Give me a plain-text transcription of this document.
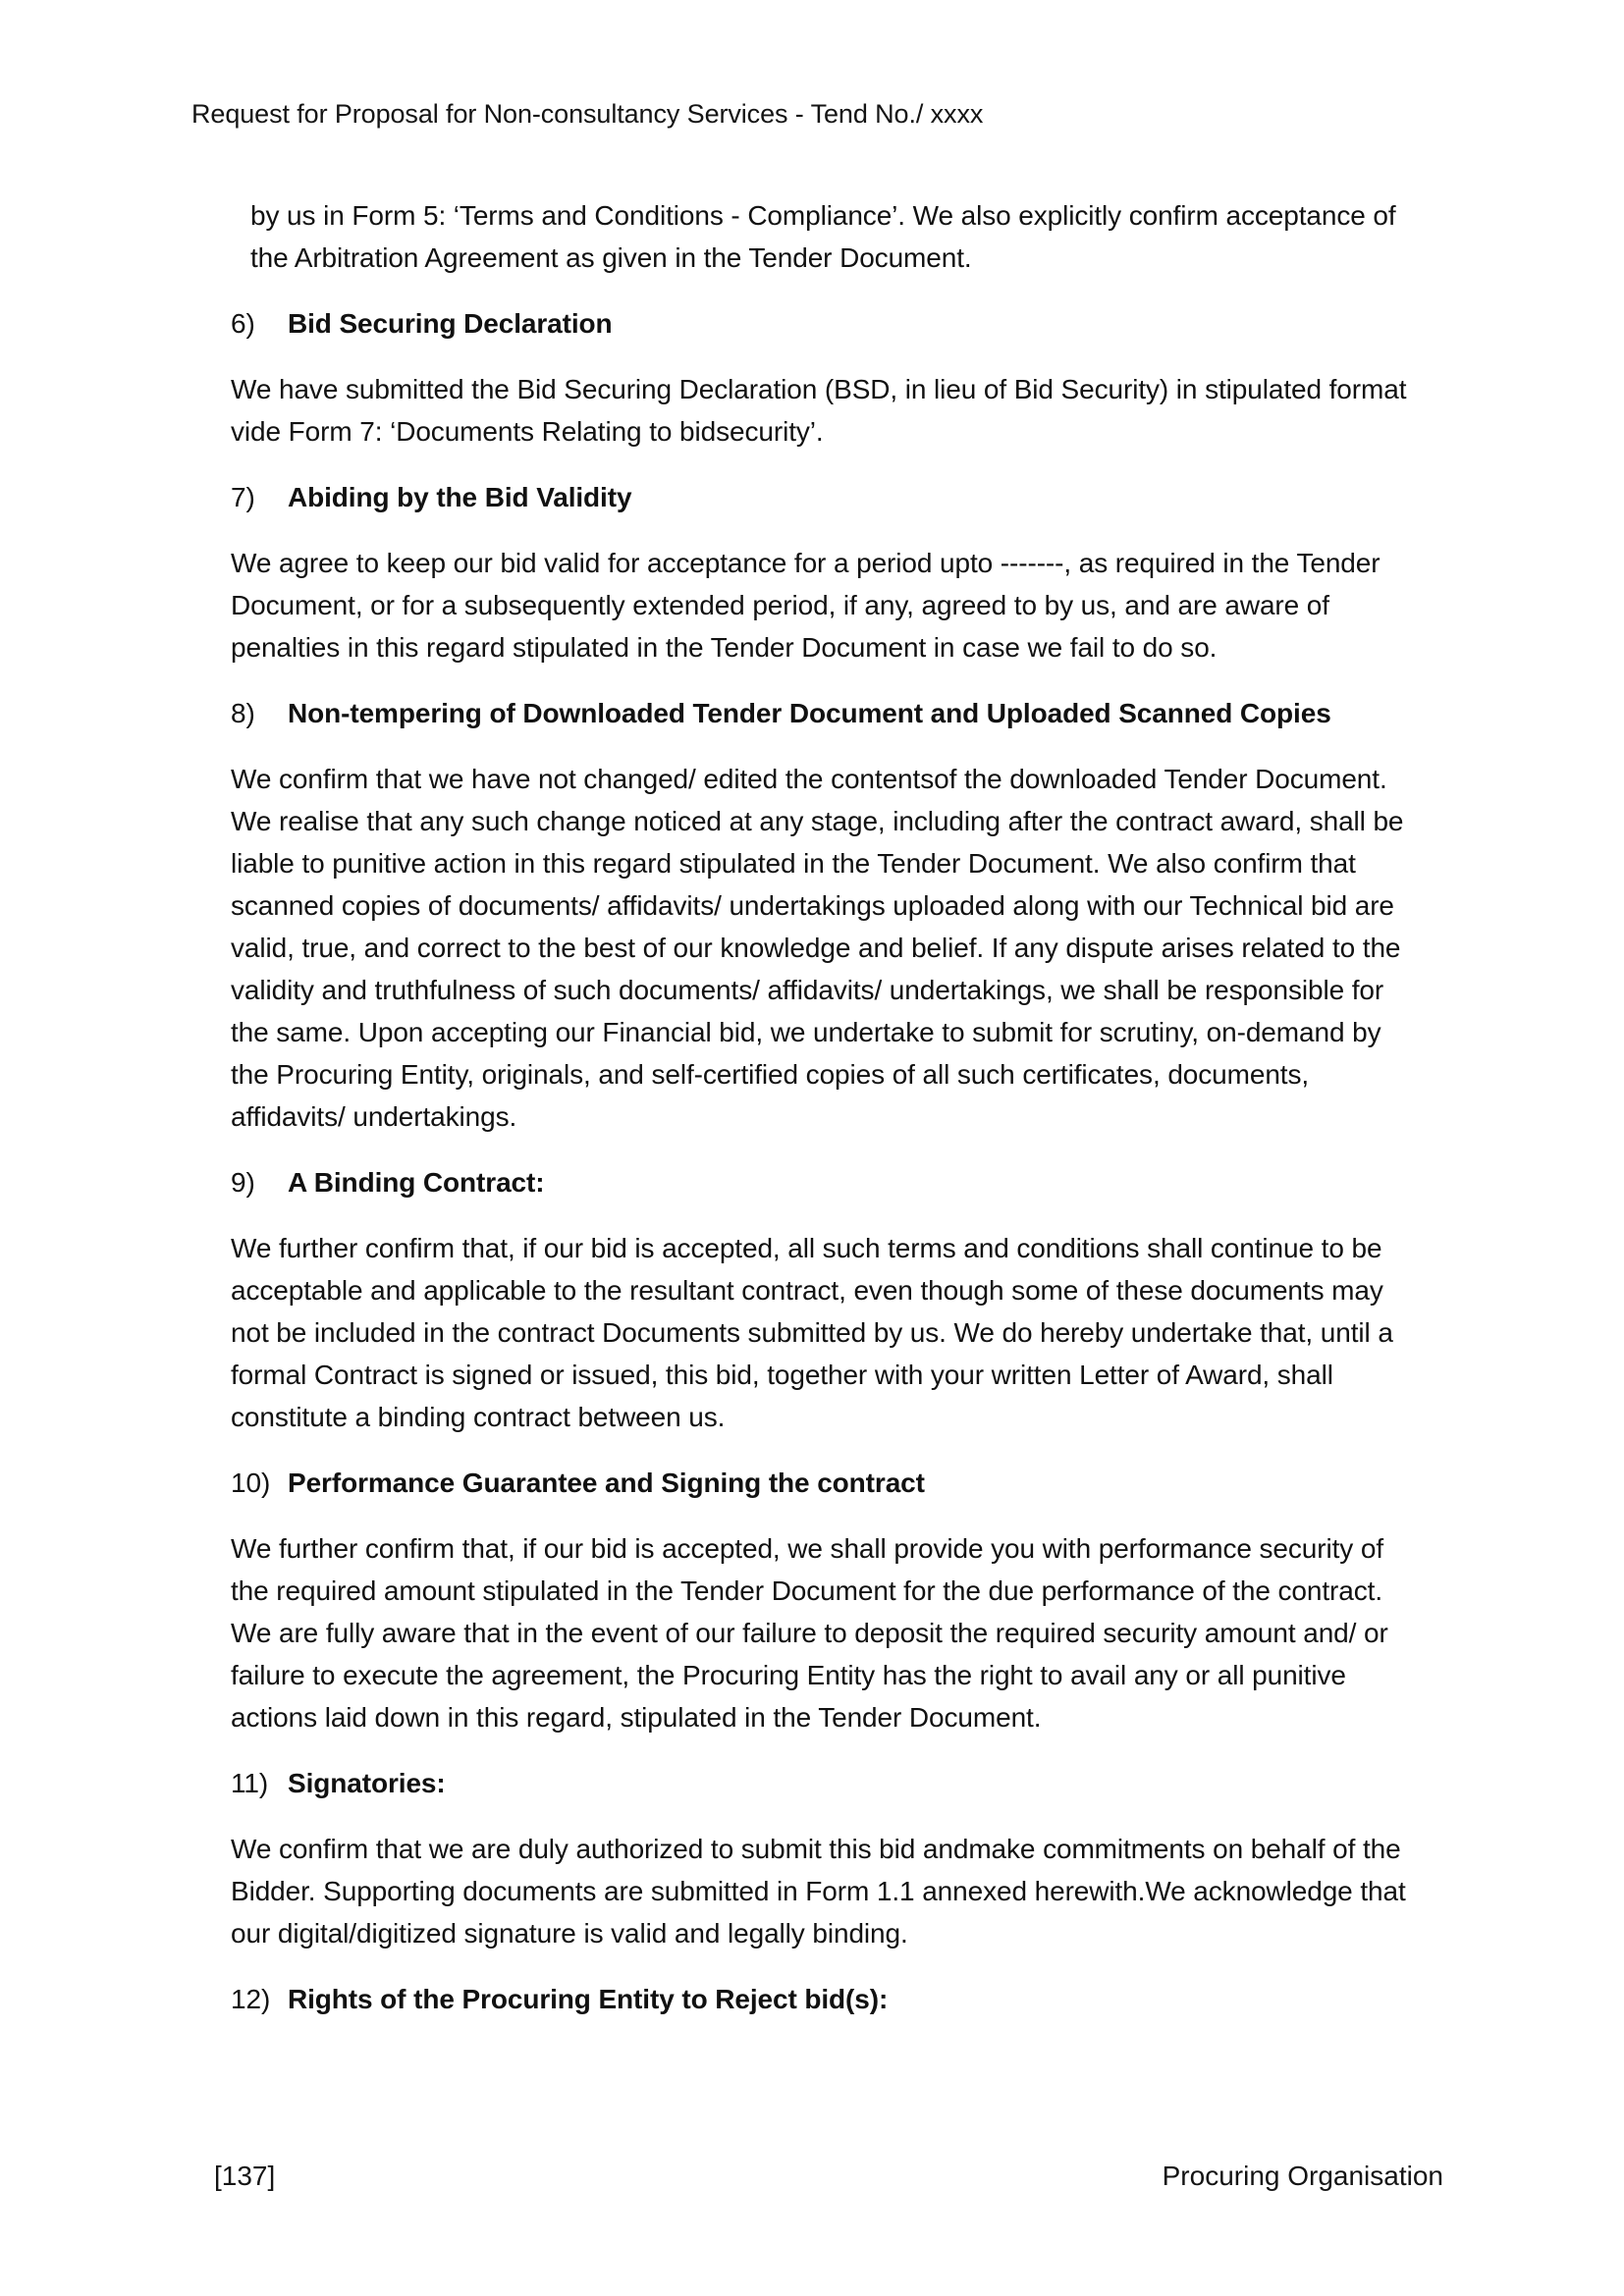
Request for Proposal for Non-consultancy Services - Tend No./ xxxx

by us in Form 5: ‘Terms and Conditions - Compliance’. We also explicitly confirm acceptance of the Arbitration Agreement as given in the Tender Document.

6)	Bid Securing Declaration

We have submitted the Bid Securing Declaration (BSD, in lieu of Bid Security) in stipulated format vide Form 7: ‘Documents Relating to bidsecurity’.

7)	Abiding by the Bid Validity

We agree to keep our bid valid for acceptance for a period upto -------, as required in the Tender Document, or for a subsequently extended period, if any, agreed to by us, and are aware of penalties in this regard stipulated in the Tender Document in case we fail to do so.

8)	Non-tempering of Downloaded Tender Document and Uploaded Scanned Copies

We confirm that we have not changed/ edited the contentsof the downloaded Tender Document. We realise that any such change noticed at any stage, including after the contract award, shall be liable to punitive action in this regard stipulated in the Tender Document. We also confirm that scanned copies of documents/ affidavits/ undertakings uploaded along with our Technical bid are valid, true, and correct to the best of our knowledge and belief. If any dispute arises related to the validity and truthfulness of such documents/ affidavits/ undertakings, we shall be responsible for the same. Upon accepting our Financial bid, we undertake to submit for scrutiny, on-demand by the Procuring Entity, originals, and self-certified copies of all such certificates, documents, affidavits/ undertakings.

9)	A Binding Contract:

We further confirm that, if our bid is accepted, all such terms and conditions shall continue to be acceptable and applicable to the resultant contract, even though some of these documents may not be included in the contract Documents submitted by us. We do hereby undertake that, until a formal Contract is signed or issued, this bid, together with your written Letter of Award, shall constitute a binding contract between us.

10) Performance Guarantee and Signing the contract

We further confirm that, if our bid is accepted, we shall provide you with performance security of the required amount stipulated in the Tender Document for the due performance of the contract. We are fully aware that in the event of our failure to deposit the required security amount and/ or failure to execute the agreement, the Procuring Entity has the right to avail any or all punitive actions laid down in this regard, stipulated in the Tender Document.

11) Signatories:

We confirm that we are duly authorized to submit this bid andmake commitments on behalf of the Bidder. Supporting documents are submitted in Form 1.1 annexed herewith.We acknowledge that our digital/digitized signature is valid and legally binding.

12) Rights of the Procuring Entity to Reject bid(s):
[137]	Procuring Organisation
